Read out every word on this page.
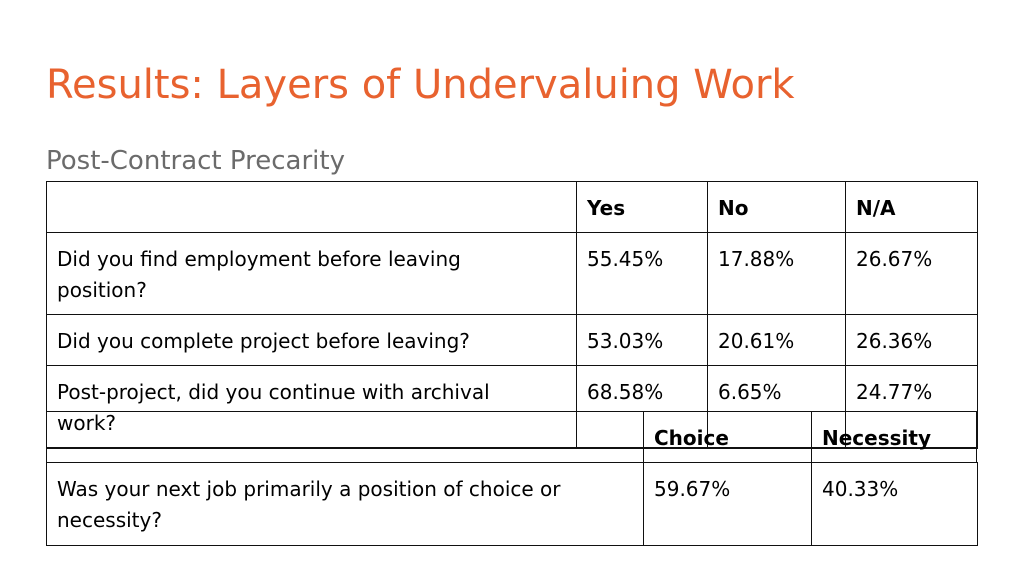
Results: Layers of Undervaluing Work
Post-Contract Precarity
Yes	No	N/A
Did you find employment before leaving
position?
55.45%	17.88%	26.67%
Did you complete project before leaving?	53.03%	20.61%	26.36%
Post-project, did you continue with archival
work?
68.58%	6.65%	24.77%
Choice	Necessity
Was your next job primarily a position of choice or
necessity?
59.67%	40.33%
